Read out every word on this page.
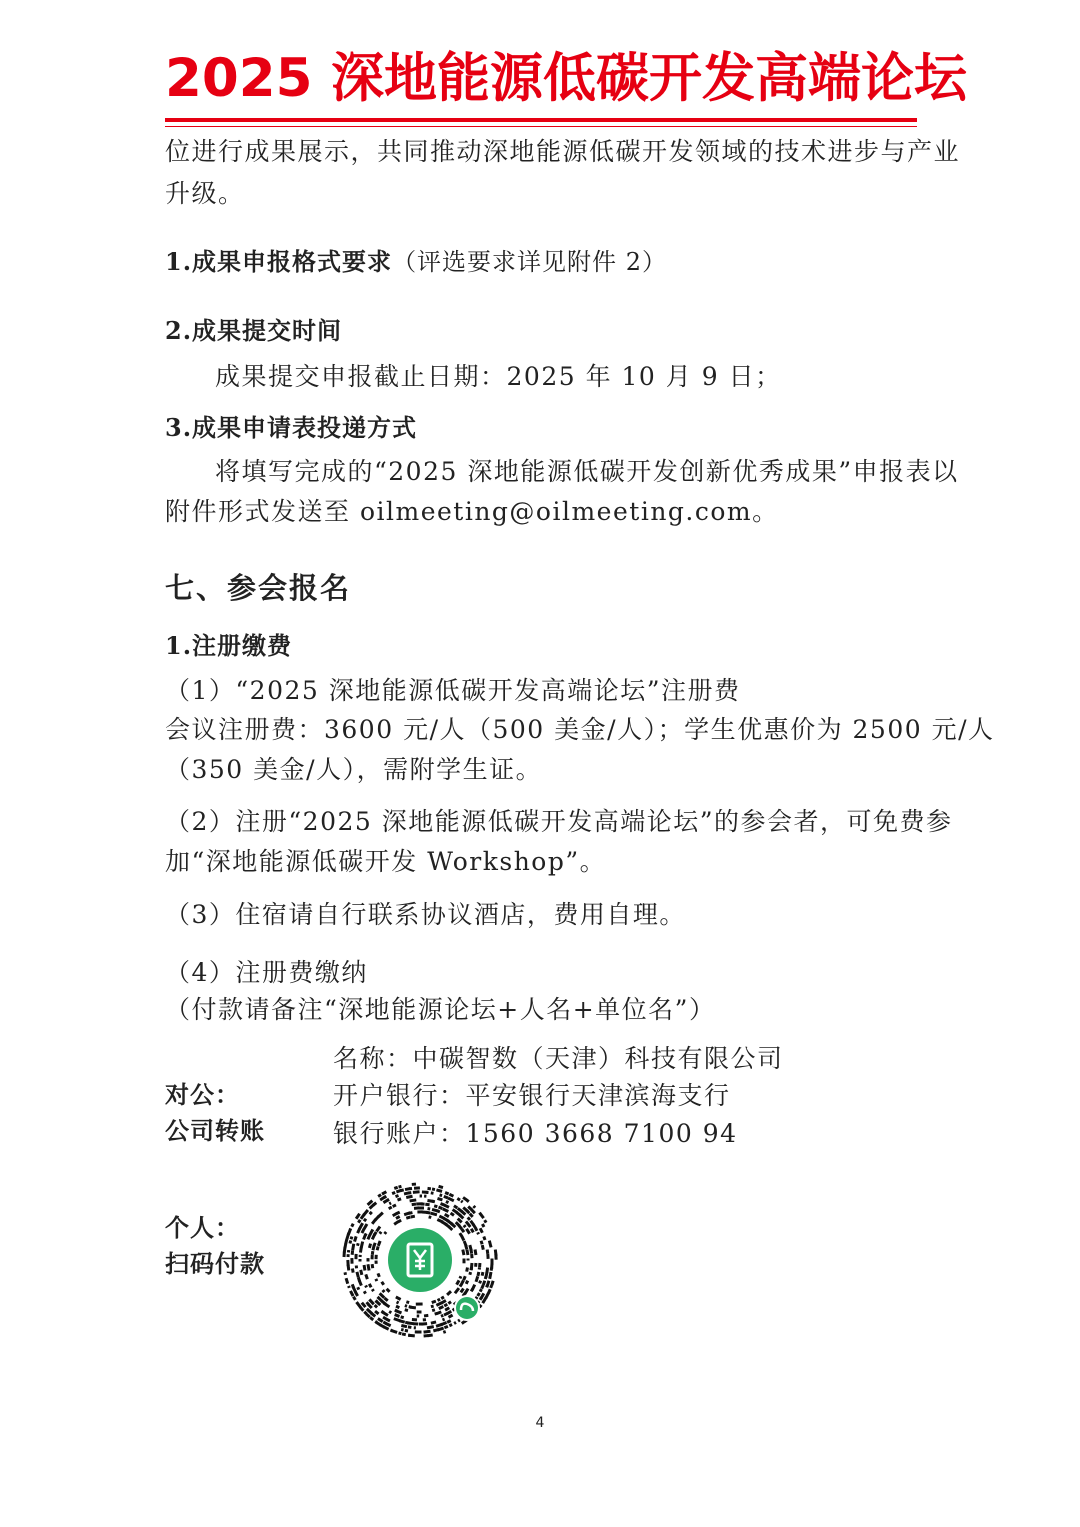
2025 深地能源低碳开发高端论坛

位进行成果展示，共同推动深地能源低碳开发领域的技术进步与产业

升级。

1.成果申报格式要求（评选要求详见附件 2）

2.成果提交时间

成果提交申报截止日期：2025 年 10 月 9 日；

3.成果申请表投递方式

将填写完成的“2025 深地能源低碳开发创新优秀成果”申报表以

附件形式发送至 oilmeeting@oilmeeting.com。

七、参会报名

1.注册缴费

（1）“2025 深地能源低碳开发高端论坛”注册费

会议注册费：3600 元/人（500 美金/人）；学生优惠价为 2500 元/人

（350 美金/人），需附学生证。

（2）注册“2025 深地能源低碳开发高端论坛”的参会者，可免费参

加“深地能源低碳开发 Workshop”。

（3）住宿请自行联系协议酒店，费用自理。

（4）注册费缴纳

（付款请备注“深地能源论坛+人名+单位名”）

名称：中碳智数（天津）科技有限公司

对公：	开户银行：平安银行天津滨海支行

公司转账	银行账户：1560 3668 7100 94

个人：

扫码付款

4
